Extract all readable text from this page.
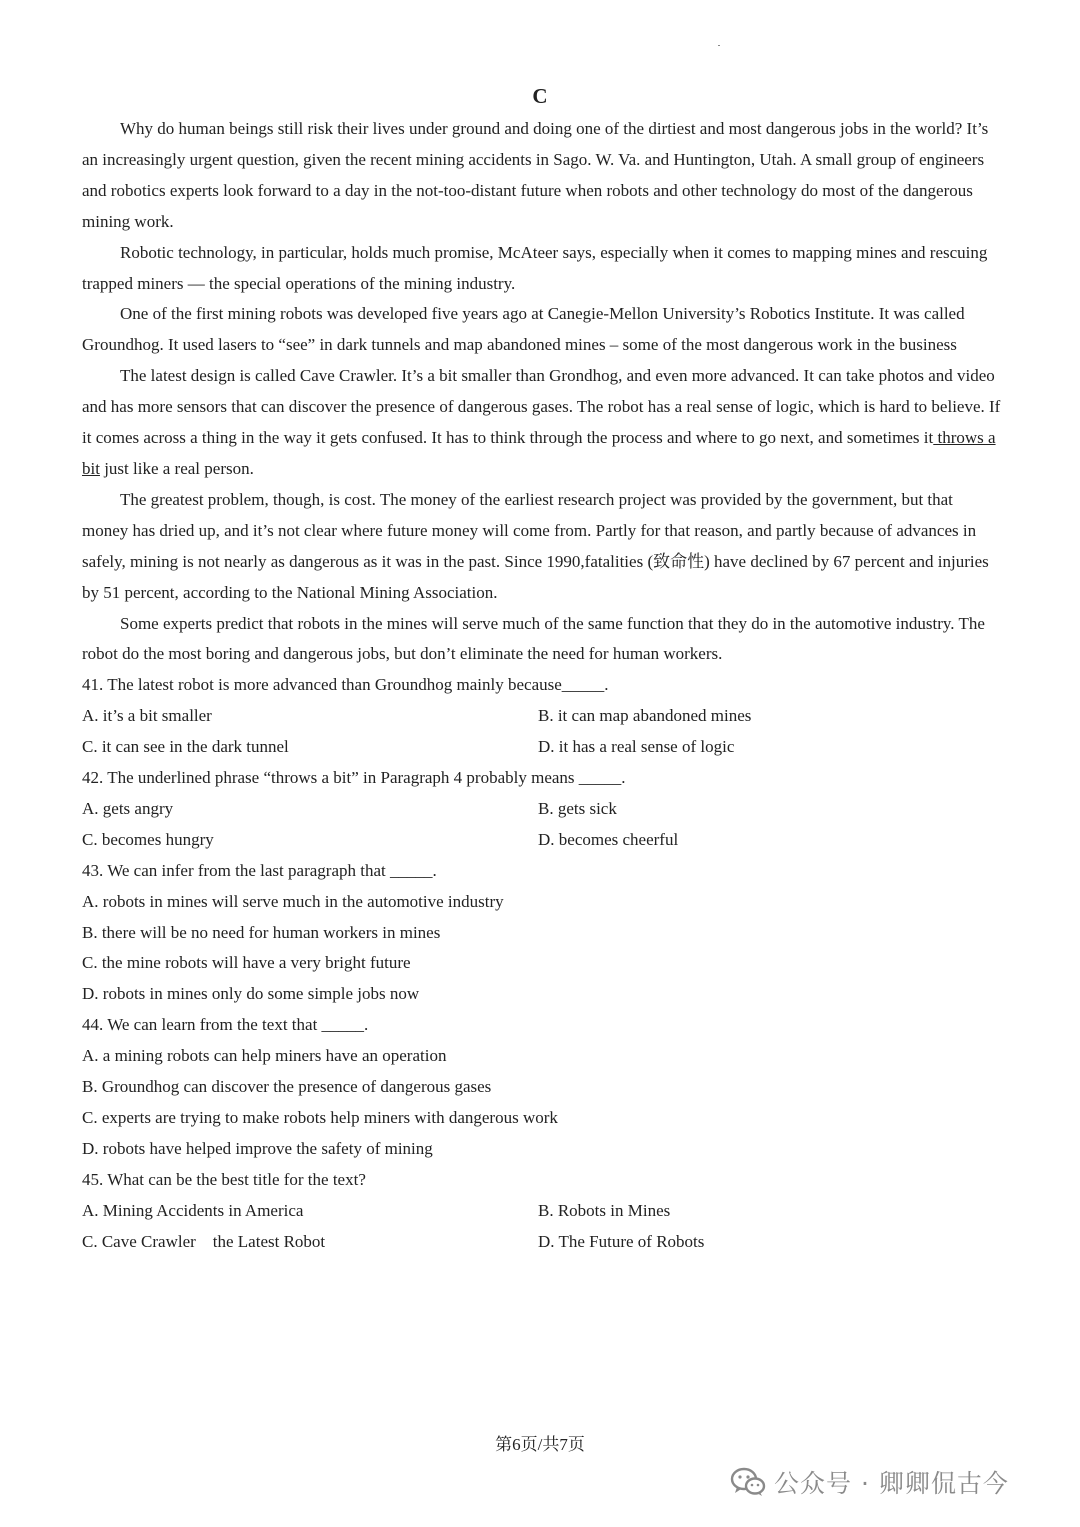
C

Why do human beings still risk their lives under ground and doing one of the dirtiest and most dangerous jobs in the world? It’s an increasingly urgent question, given the recent mining accidents in Sago. W. Va. and Huntington, Utah. A small group of engineers and robotics experts look forward to a day in the not-too-distant future when robots and other technology do most of the dangerous mining work.

Robotic technology, in particular, holds much promise, McAteer says, especially when it comes to mapping mines and rescuing trapped miners — the special operations of the mining industry.

One of the first mining robots was developed five years ago at Canegie-Mellon University’s Robotics Institute. It was called Groundhog. It used lasers to “see” in dark tunnels and map abandoned mines – some of the most dangerous work in the business

The latest design is called Cave Crawler. It’s a bit smaller than Grondhog, and even more advanced. It can take photos and video and has more sensors that can discover the presence of dangerous gases. The robot has a real sense of logic, which is hard to believe. If it comes across a thing in the way it gets confused. It has to think through the process and where to go next, and sometimes it throws a bit just like a real person.

The greatest problem, though, is cost. The money of the earliest research project was provided by the government, but that money has dried up, and it’s not clear where future money will come from. Partly for that reason, and partly because of advances in safely, mining is not nearly as dangerous as it was in the past. Since 1990,fatalities (致命性) have declined by 67 percent and injuries by 51 percent, according to the National Mining Association.

Some experts predict that robots in the mines will serve much of the same function that they do in the automotive industry. The robot do the most boring and dangerous jobs, but don’t eliminate the need for human workers.

41. The latest robot is more advanced than Groundhog mainly because_____.

A. it’s a bit smaller	B. it can map abandoned mines
C. it can see in the dark tunnel	D. it has a real sense of logic

42. The underlined phrase “throws a bit” in Paragraph 4 probably means _____.

A. gets angry	B. gets sick
C. becomes hungry	D. becomes cheerful

43. We can infer from the last paragraph that _____.

A. robots in mines will serve much in the automotive industry

B. there will be no need for human workers in mines

C. the mine robots will have a very bright future

D. robots in mines only do some simple jobs now

44. We can learn from the text that _____.

A. a mining robots can help miners have an operation

B. Groundhog can discover the presence of dangerous gases

C. experts are trying to make robots help miners with dangerous work

D. robots have helped improve the safety of mining

45. What can be the best title for the text?

A. Mining Accidents in America	B. Robots in Mines
C. Cave Crawler　the Latest Robot	D. The Future of Robots
第6页/共7页
公众号 · 卿卿侃古今
